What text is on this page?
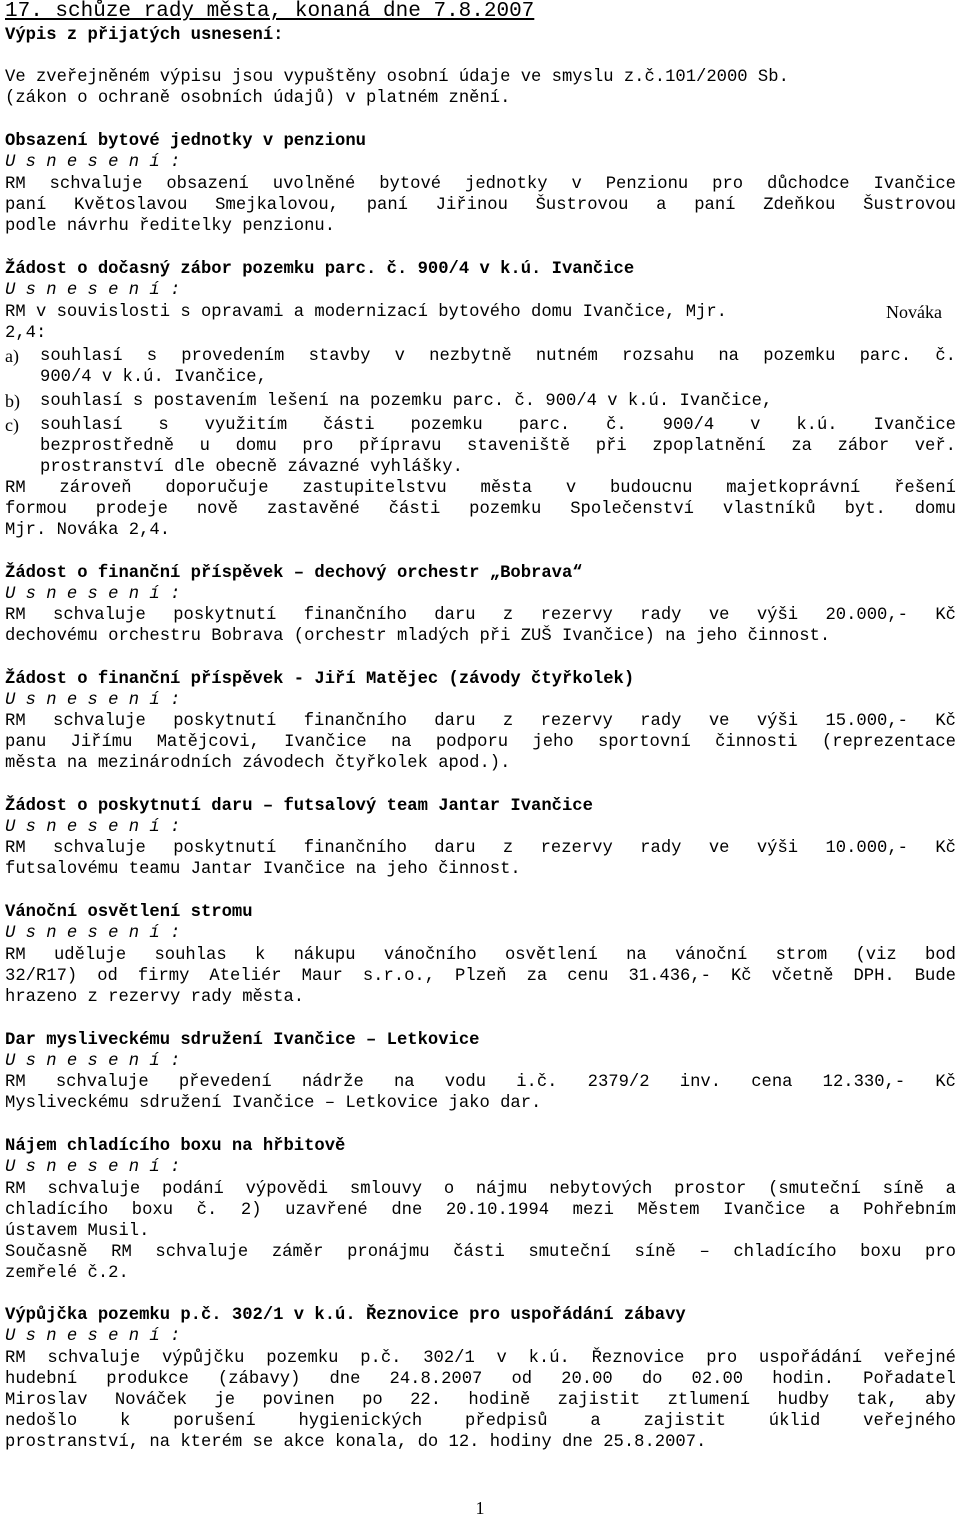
17. schůze rady města, konaná dne 7.8.2007
Výpis z přijatých usnesení:
Ve zveřejněném výpisu jsou vypuštěny osobní údaje ve smyslu z.č.101/2000 Sb.
(zákon o ochraně osobních údajů) v platném znění.
Obsazení bytové jednotky v penzionu
U s n e s e n í :
RM schvaluje obsazení uvolněné bytové jednotky v Penzionu pro důchodce Ivančice
paní Květoslavou Smejkalovou, paní Jiřinou Šustrovou a paní Zdeňkou Šustrovou
podle návrhu ředitelky penzionu.
Žádost o dočasný zábor pozemku parc. č. 900/4 v k.ú. Ivančice
U s n e s e n í :
RM v souvislosti s opravami a modernizací bytového domu Ivančice, Mjr.	Nováka
2,4:
a) souhlasí s provedením stavby v nezbytně nutném rozsahu na pozemku parc. č.
900/4 v k.ú. Ivančice,
b) souhlasí s postavením lešení na pozemku parc. č. 900/4 v k.ú. Ivančice,
c) souhlasí s využitím části pozemku parc. č. 900/4 v k.ú. Ivančice
bezprostředně u domu pro přípravu staveniště při zpoplatnění za zábor veř.
prostranství dle obecně závazné vyhlášky.
RM zároveň doporučuje zastupitelstvu města v budoucnu majetkoprávní řešení
formou prodeje nově zastavěné části pozemku Společenství vlastníků byt. domu
Mjr. Nováka 2,4.
Žádost o finanční příspěvek – dechový orchestr „Bobrava“
U s n e s e n í :
RM schvaluje poskytnutí finančního daru z rezervy rady ve výši 20.000,- Kč
dechovému orchestru Bobrava (orchestr mladých při ZUŠ Ivančice) na jeho činnost.
Žádost o finanční příspěvek - Jiří Matějec (závody čtyřkolek)
U s n e s e n í :
RM schvaluje poskytnutí finančního daru z rezervy rady ve výši 15.000,- Kč
panu Jiřímu Matějcovi, Ivančice na podporu jeho sportovní činnosti (reprezentace
města na mezinárodních závodech čtyřkolek apod.).
Žádost o poskytnutí daru – futsalový team Jantar Ivančice
U s n e s e n í :
RM schvaluje poskytnutí finančního daru z rezervy rady ve výši 10.000,- Kč
futsalovému teamu Jantar Ivančice na jeho činnost.
Vánoční osvětlení stromu
U s n e s e n í :
RM uděluje souhlas k nákupu vánočního osvětlení na vánoční strom (viz bod
32/R17) od firmy Ateliér Maur s.r.o., Plzeň za cenu 31.436,- Kč včetně DPH. Bude
hrazeno z rezervy rady města.
Dar mysliveckému sdružení Ivančice – Letkovice
U s n e s e n í :
RM schvaluje převedení nádrže na vodu i.č. 2379/2 inv. cena 12.330,- Kč
Mysliveckému sdružení Ivančice – Letkovice jako dar.
Nájem chladícího boxu na hřbitově
U s n e s e n í :
RM schvaluje podání výpovědi smlouvy o nájmu nebytových prostor (smuteční síně a
chladícího boxu č. 2) uzavřené dne 20.10.1994 mezi Městem Ivančice a Pohřebním
ústavem Musil.
Současně RM schvaluje záměr pronájmu části smuteční síně – chladícího boxu pro
zemřelé č.2.
Výpůjčka pozemku p.č. 302/1 v k.ú. Řeznovice pro uspořádání zábavy
U s n e s e n í :
RM schvaluje výpůjčku pozemku p.č. 302/1 v k.ú. Řeznovice pro uspořádání veřejné
hudební produkce (zábavy) dne 24.8.2007 od 20.00 do 02.00 hodin. Pořadatel
Miroslav Nováček je povinen po 22. hodině zajistit ztlumení hudby tak, aby
nedošlo k porušení hygienických předpisů a zajistit úklid veřejného
prostranství, na kterém se akce konala, do 12. hodiny dne 25.8.2007.
1
